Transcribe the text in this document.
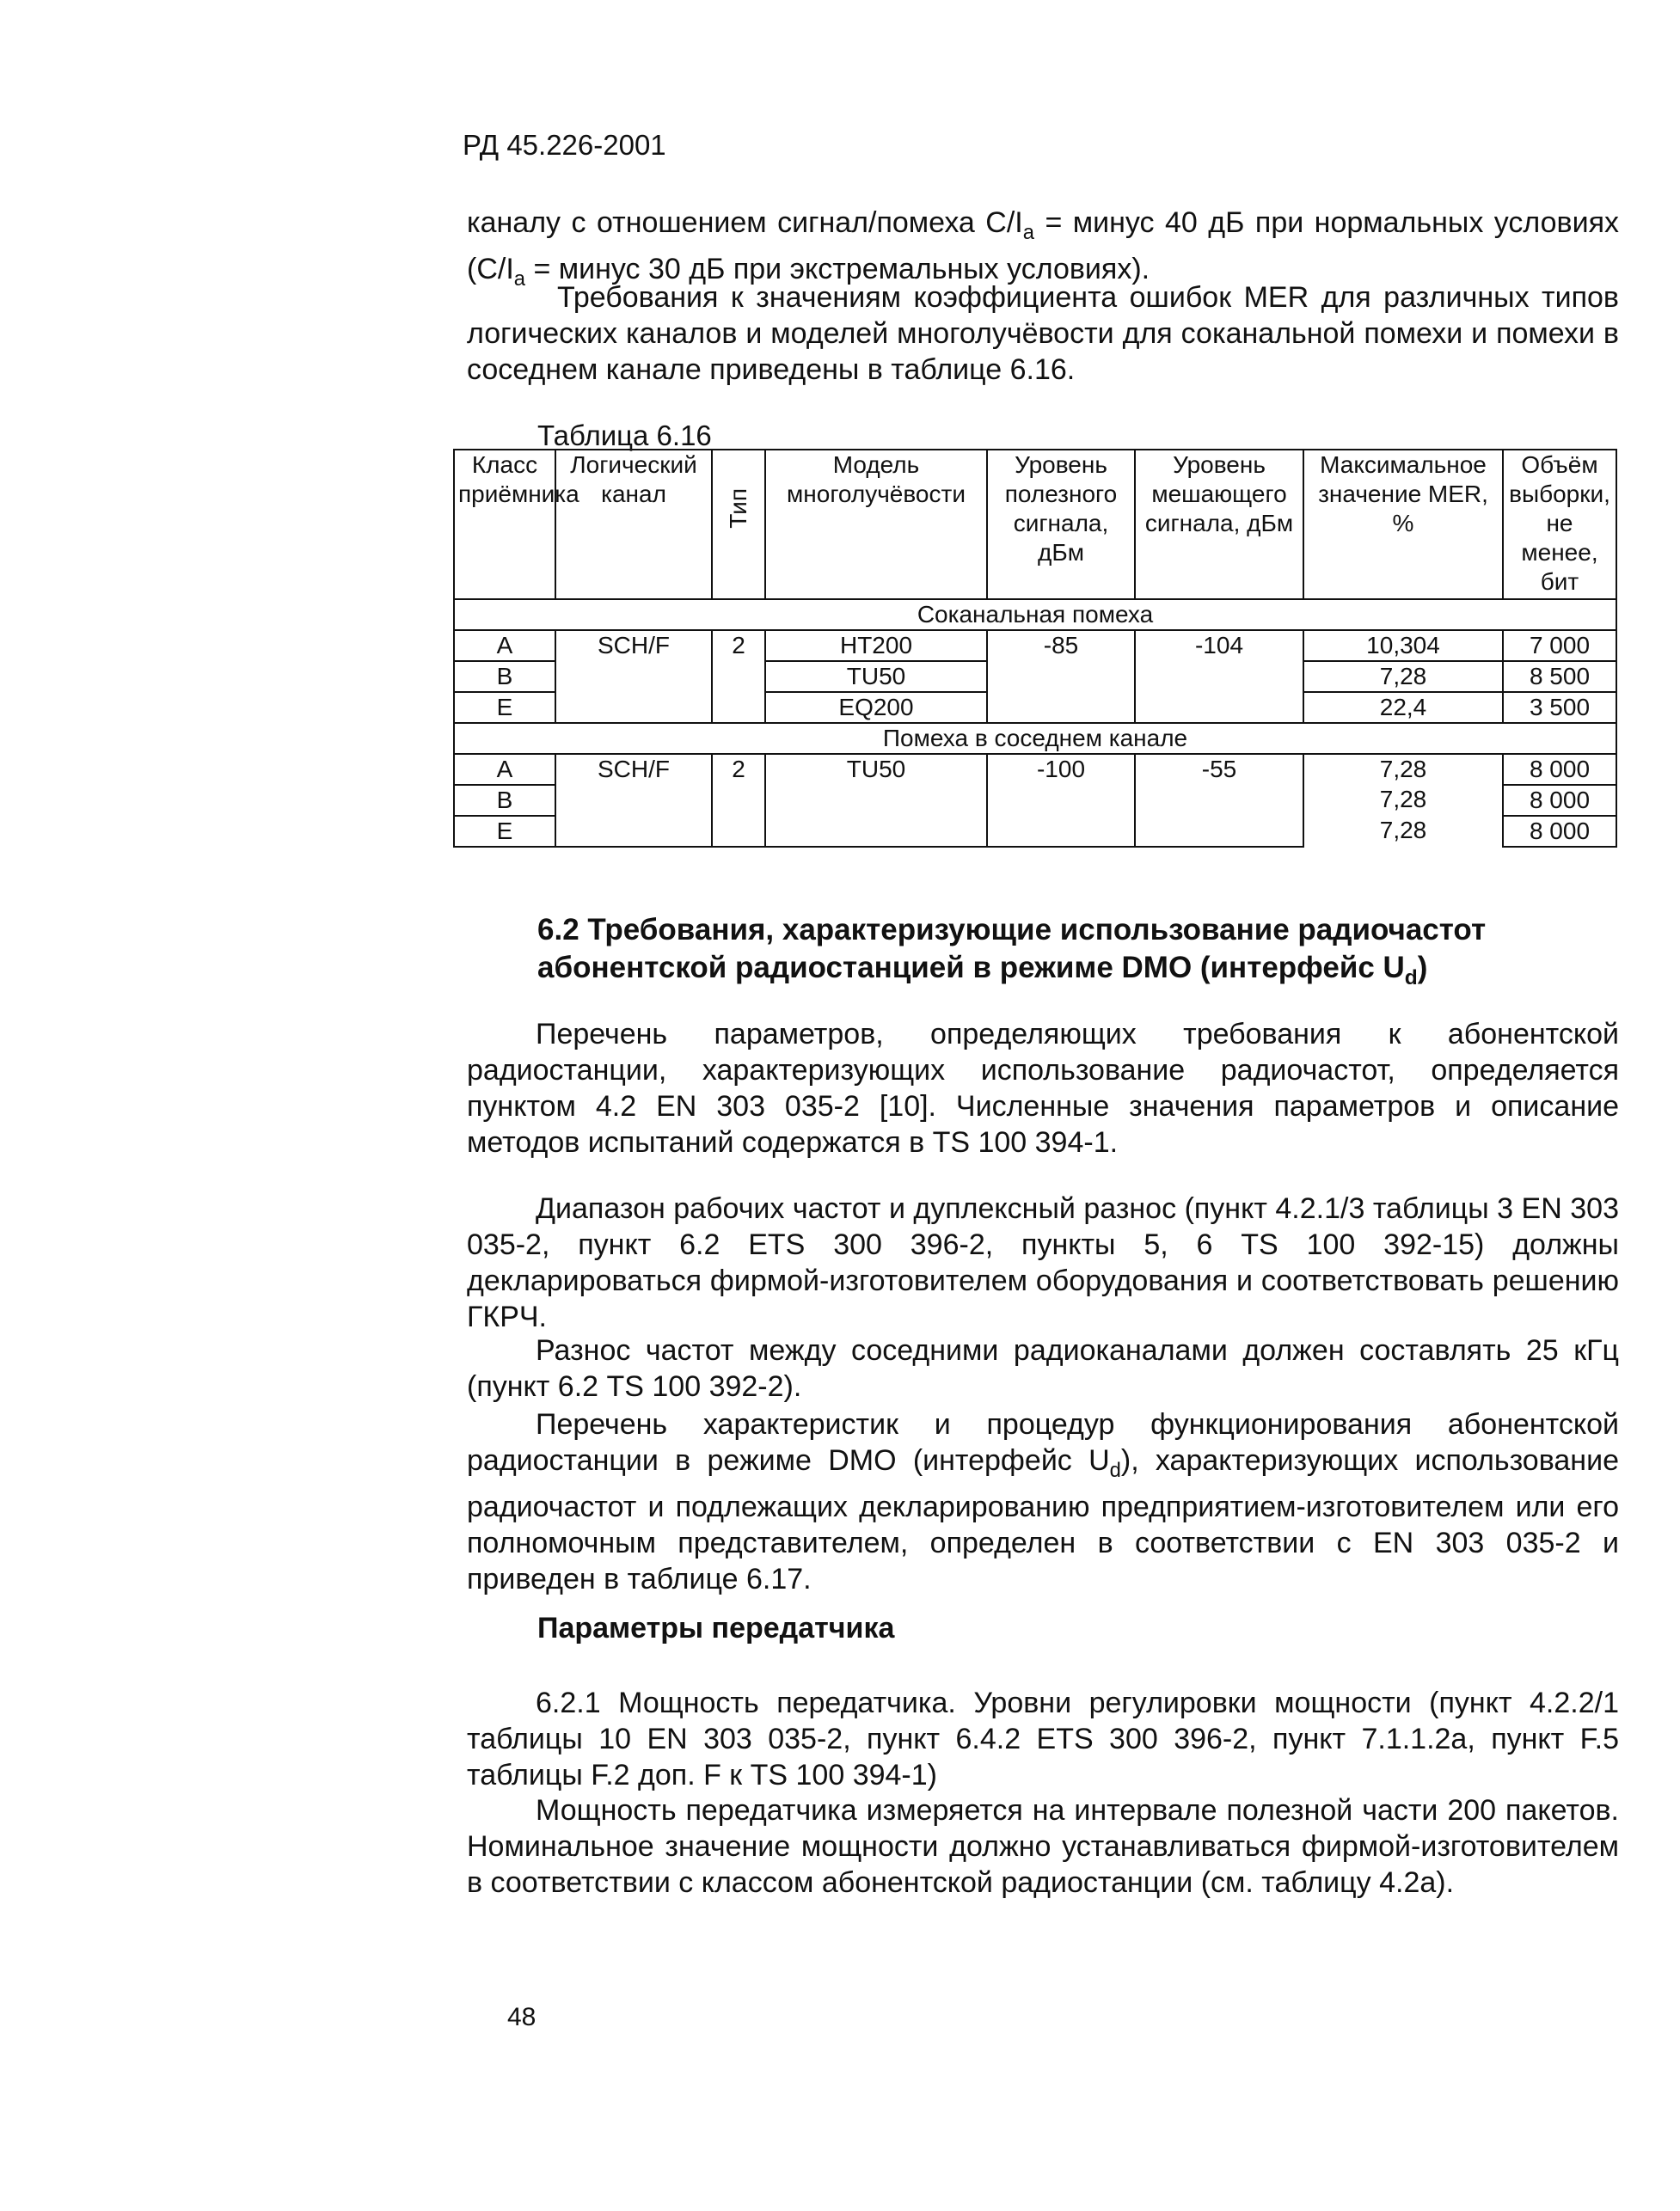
РД 45.226-2001
каналу с отношением сигнал/помеха $C/I_a$ = минус 40 дБ при нормальных условиях ($C/I_a$ = минус 30 дБ при экстремальных условиях).
Требования к значениям коэффициента ошибок MER для различных типов логических каналов и моделей многолучёвости для соканальной помехи и помехи в соседнем канале приведены в таблице 6.16.
Таблица 6.16
Класс приёмника	Логический канал	Тип	Модель многолучёвости	Уровень полезного сигнала, дБм	Уровень мешающего сигнала, дБм	Максимальное значение MER, %	Объём выборки, не менее, бит
Соканальная помеха							
A	SCH/F	2	HT200	-85	-104	10,304	7 000
B			TU50			7,28	8 500
E			EQ200			22,4	3 500
Помеха в соседнем канале							
A	SCH/F	2	TU50	-100	-55	7,28	8 000
B						7,28	8 000
E						7,28	8 000
6.2 Требования, характеризующие использование радиочастот абонентской радиостанцией в режиме DMO (интерфейс $U_d$)
Перечень параметров, определяющих требования к абонентской радиостанции, характеризующих использование радиочастот, определяется пунктом 4.2 EN 303 035-2 [10]. Численные значения параметров и описание методов испытаний содержатся в TS 100 394-1.
Диапазон рабочих частот и дуплексный разнос (пункт 4.2.1/3 таблицы 3 EN 303 035-2, пункт 6.2 ETS 300 396-2, пункты 5, 6 TS 100 392-15) должны декларироваться фирмой-изготовителем оборудования и соответствовать решению ГКРЧ.
Разнос частот между соседними радиоканалами должен составлять 25 кГц (пункт 6.2 TS 100 392-2).
Перечень характеристик и процедур функционирования абонентской радиостанции в режиме DMO (интерфейс $U_d$), характеризующих использование радиочастот и подлежащих декларированию предприятием-изготовителем или его полномочным представителем, определен в соответствии с EN 303 035-2 и приведен в таблице 6.17.
Параметры передатчика
6.2.1 Мощность передатчика. Уровни регулировки мощности (пункт 4.2.2/1 таблицы 10 EN 303 035-2, пункт 6.4.2 ETS 300 396-2, пункт 7.1.1.2a, пункт F.5 таблицы F.2 доп. F к TS 100 394-1)
Мощность передатчика измеряется на интервале полезной части 200 пакетов. Номинальное значение мощности должно устанавливаться фирмой-изготовителем в соответствии с классом абонентской радиостанции (см. таблицу 4.2а).
48
